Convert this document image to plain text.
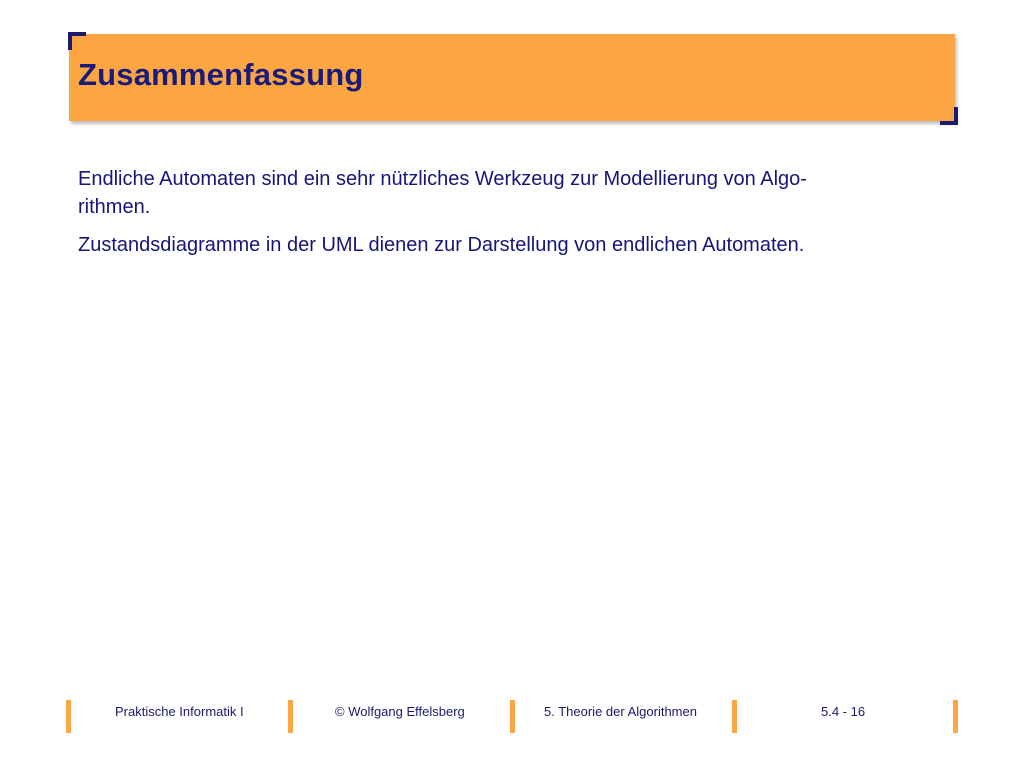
Zusammenfassung

Endliche Automaten sind ein sehr nützliches Werkzeug zur Modellierung von Algo-
rithmen.

Zustandsdiagramme in der UML dienen zur Darstellung von endlichen Automaten.

Praktische Informatik I	© Wolfgang Effelsberg	5. Theorie der Algorithmen	5.4 - 16
